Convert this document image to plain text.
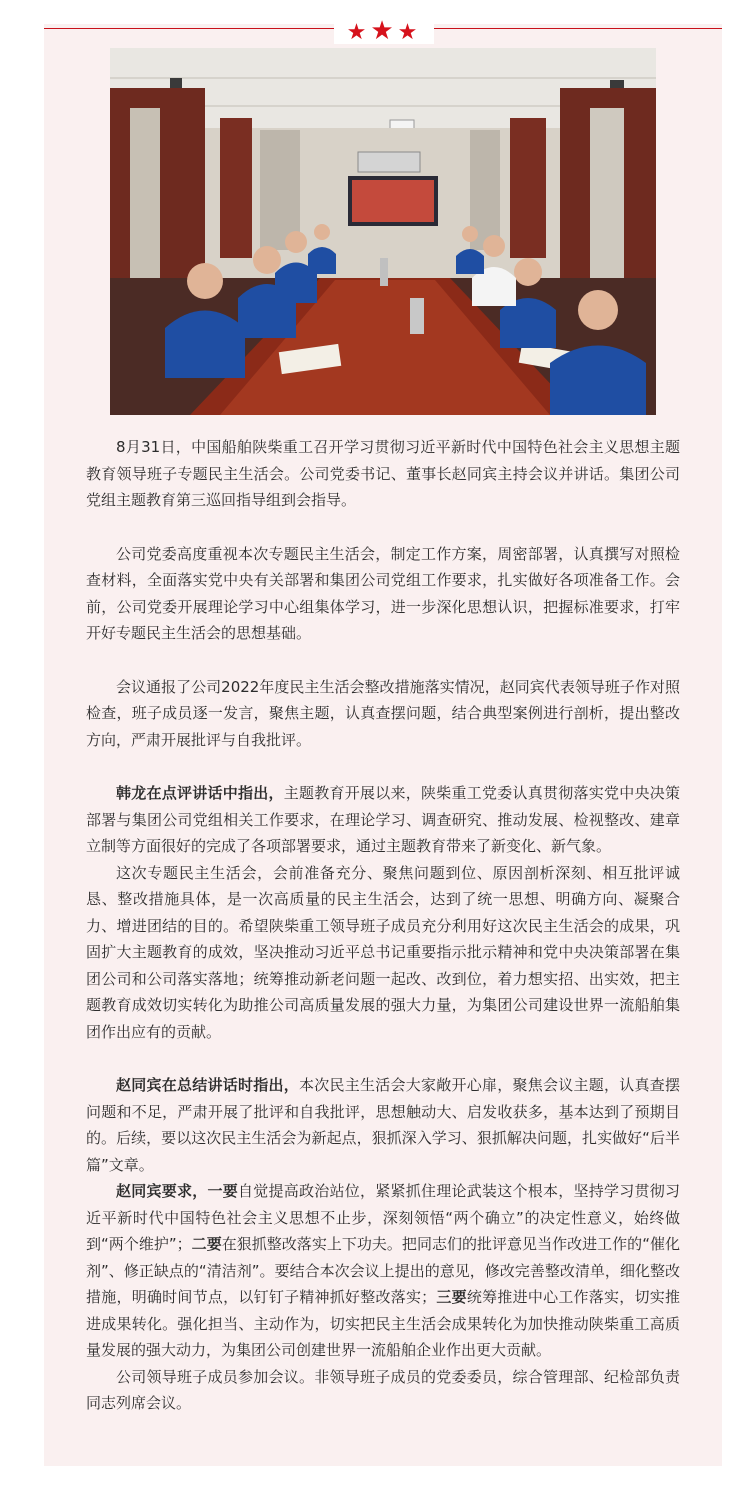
★★★

8月31日，中国船舶陕柴重工召开学习贯彻习近平新时代中国特色社会主义思想主题教育领导班子专题民主生活会。公司党委书记、董事长赵同宾主持会议并讲话。集团公司党组主题教育第三巡回指导组到会指导。

公司党委高度重视本次专题民主生活会，制定工作方案，周密部署，认真撰写对照检查材料，全面落实党中央有关部署和集团公司党组工作要求，扎实做好各项准备工作。会前，公司党委开展理论学习中心组集体学习，进一步深化思想认识，把握标准要求，打牢开好专题民主生活会的思想基础。

会议通报了公司2022年度民主生活会整改措施落实情况，赵同宾代表领导班子作对照检查，班子成员逐一发言，聚焦主题，认真查摆问题，结合典型案例进行剖析，提出整改方向，严肃开展批评与自我批评。

韩龙在点评讲话中指出，主题教育开展以来，陕柴重工党委认真贯彻落实党中央决策部署与集团公司党组相关工作要求，在理论学习、调查研究、推动发展、检视整改、建章立制等方面很好的完成了各项部署要求，通过主题教育带来了新变化、新气象。

这次专题民主生活会，会前准备充分、聚焦问题到位、原因剖析深刻、相互批评诚恳、整改措施具体，是一次高质量的民主生活会，达到了统一思想、明确方向、凝聚合力、增进团结的目的。希望陕柴重工领导班子成员充分利用好这次民主生活会的成果，巩固扩大主题教育的成效，坚决推动习近平总书记重要指示批示精神和党中央决策部署在集团公司和公司落实落地；统筹推动新老问题一起改、改到位，着力想实招、出实效，把主题教育成效切实转化为助推公司高质量发展的强大力量，为集团公司建设世界一流船舶集团作出应有的贡献。

赵同宾在总结讲话时指出，本次民主生活会大家敞开心扉，聚焦会议主题，认真查摆问题和不足，严肃开展了批评和自我批评，思想触动大、启发收获多，基本达到了预期目的。后续，要以这次民主生活会为新起点，狠抓深入学习、狠抓解决问题，扎实做好“后半篇”文章。

赵同宾要求，一要自觉提高政治站位，紧紧抓住理论武装这个根本，坚持学习贯彻习近平新时代中国特色社会主义思想不止步，深刻领悟“两个确立”的决定性意义，始终做到“两个维护”；二要在狠抓整改落实上下功夫。把同志们的批评意见当作改进工作的“催化剂”、修正缺点的“清洁剂”。要结合本次会议上提出的意见，修改完善整改清单，细化整改措施，明确时间节点，以钉钉子精神抓好整改落实；三要统筹推进中心工作落实，切实推进成果转化。强化担当、主动作为，切实把民主生活会成果转化为加快推动陕柴重工高质量发展的强大动力，为集团公司创建世界一流船舶企业作出更大贡献。

公司领导班子成员参加会议。非领导班子成员的党委委员，综合管理部、纪检部负责同志列席会议。
